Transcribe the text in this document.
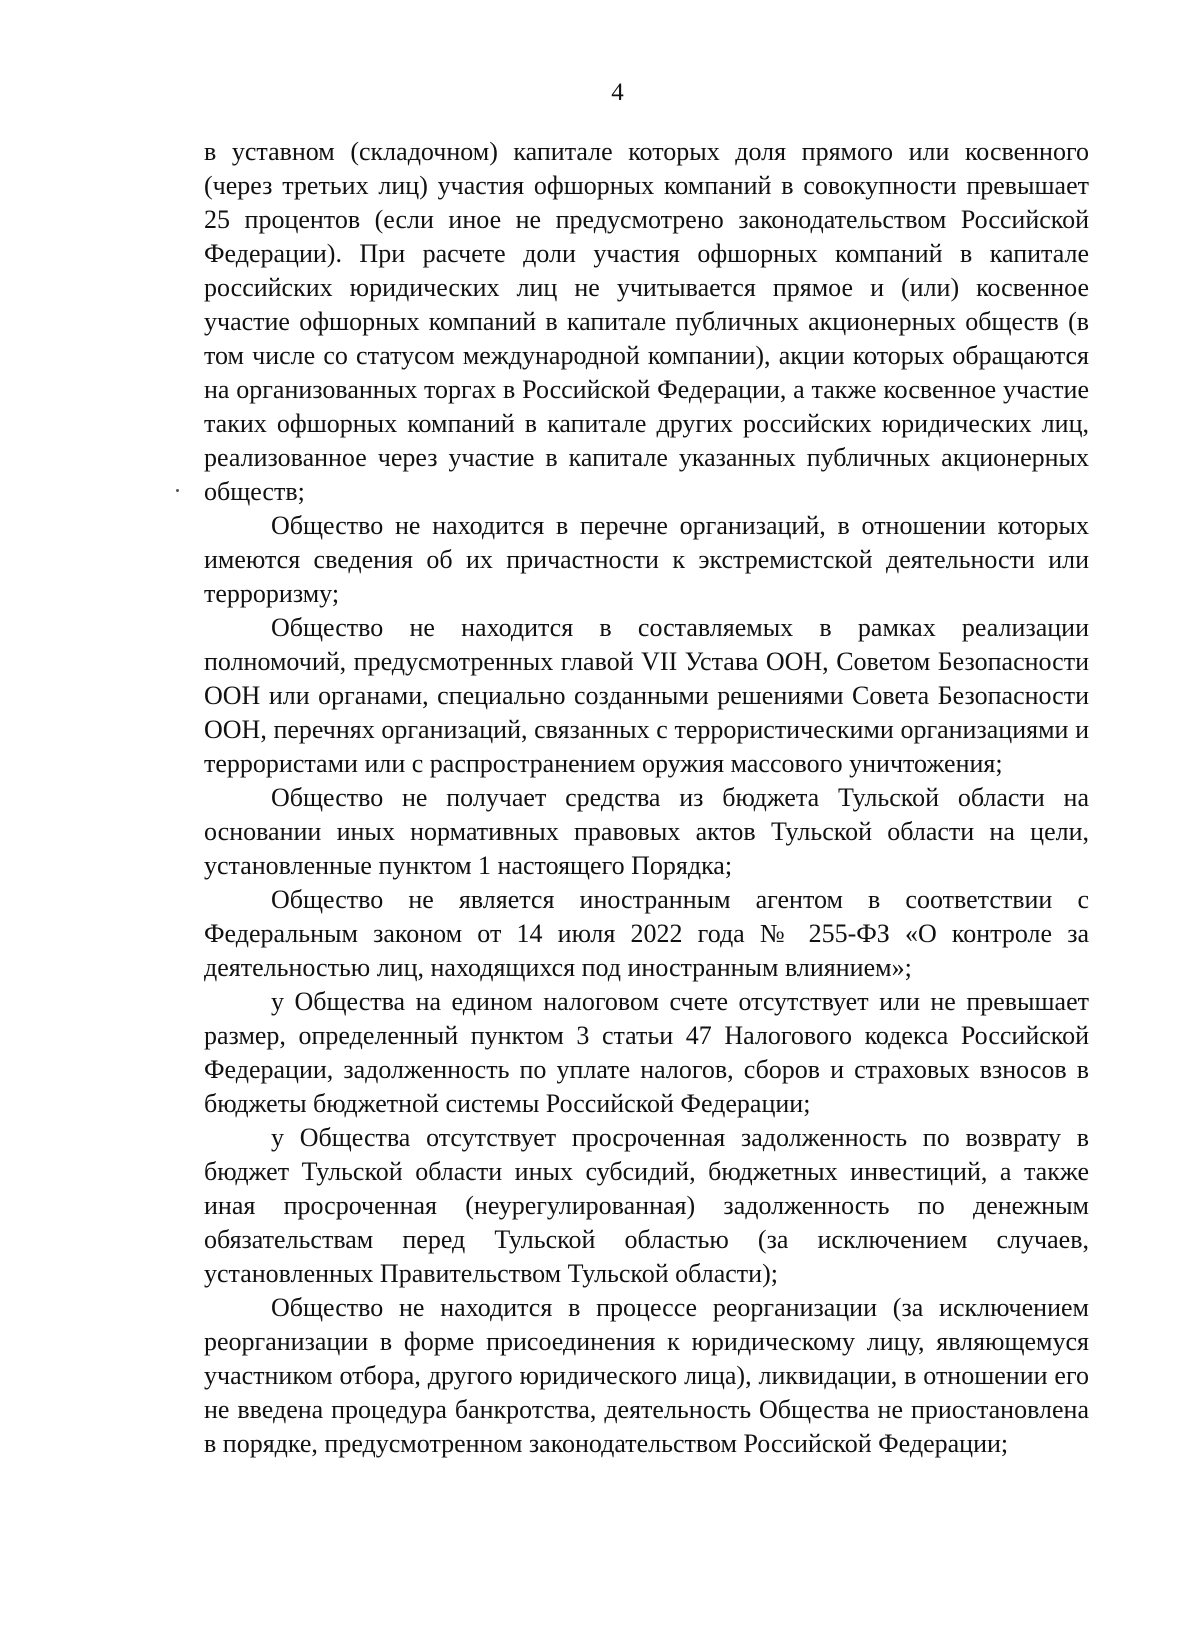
4

в уставном (складочном) капитале которых доля прямого или косвенного (через третьих лиц) участия офшорных компаний в совокупности превышает 25 процентов (если иное не предусмотрено законодательством Российской Федерации). При расчете доли участия офшорных компаний в капитале российских юридических лиц не учитывается прямое и (или) косвенное участие офшорных компаний в капитале публичных акционерных обществ (в том числе со статусом международной компании), акции которых обращаются на организованных торгах в Российской Федерации, а также косвенное участие таких офшорных компаний в капитале других российских юридических лиц, реализованное через участие в капитале указанных публичных акционерных обществ;

Общество не находится в перечне организаций, в отношении которых имеются сведения об их причастности к экстремистской деятельности или терроризму;

Общество не находится в составляемых в рамках реализации полномочий, предусмотренных главой VII Устава ООН, Советом Безопасности ООН или органами, специально созданными решениями Совета Безопасности ООН, перечнях организаций, связанных с террористическими организациями и террористами или с распространением оружия массового уничтожения;

Общество не получает средства из бюджета Тульской области на основании иных нормативных правовых актов Тульской области на цели, установленные пунктом 1 настоящего Порядка;

Общество не является иностранным агентом в соответствии с Федеральным законом от 14 июля 2022 года № 255-ФЗ «О контроле за деятельностью лиц, находящихся под иностранным влиянием»;

у Общества на едином налоговом счете отсутствует или не превышает размер, определенный пунктом 3 статьи 47 Налогового кодекса Российской Федерации, задолженность по уплате налогов, сборов и страховых взносов в бюджеты бюджетной системы Российской Федерации;

у Общества отсутствует просроченная задолженность по возврату в бюджет Тульской области иных субсидий, бюджетных инвестиций, а также иная просроченная (неурегулированная) задолженность по денежным обязательствам перед Тульской областью (за исключением случаев, установленных Правительством Тульской области);

Общество не находится в процессе реорганизации (за исключением реорганизации в форме присоединения к юридическому лицу, являющемуся участником отбора, другого юридического лица), ликвидации, в отношении его не введена процедура банкротства, деятельность Общества не приостановлена в порядке, предусмотренном законодательством Российской Федерации;
